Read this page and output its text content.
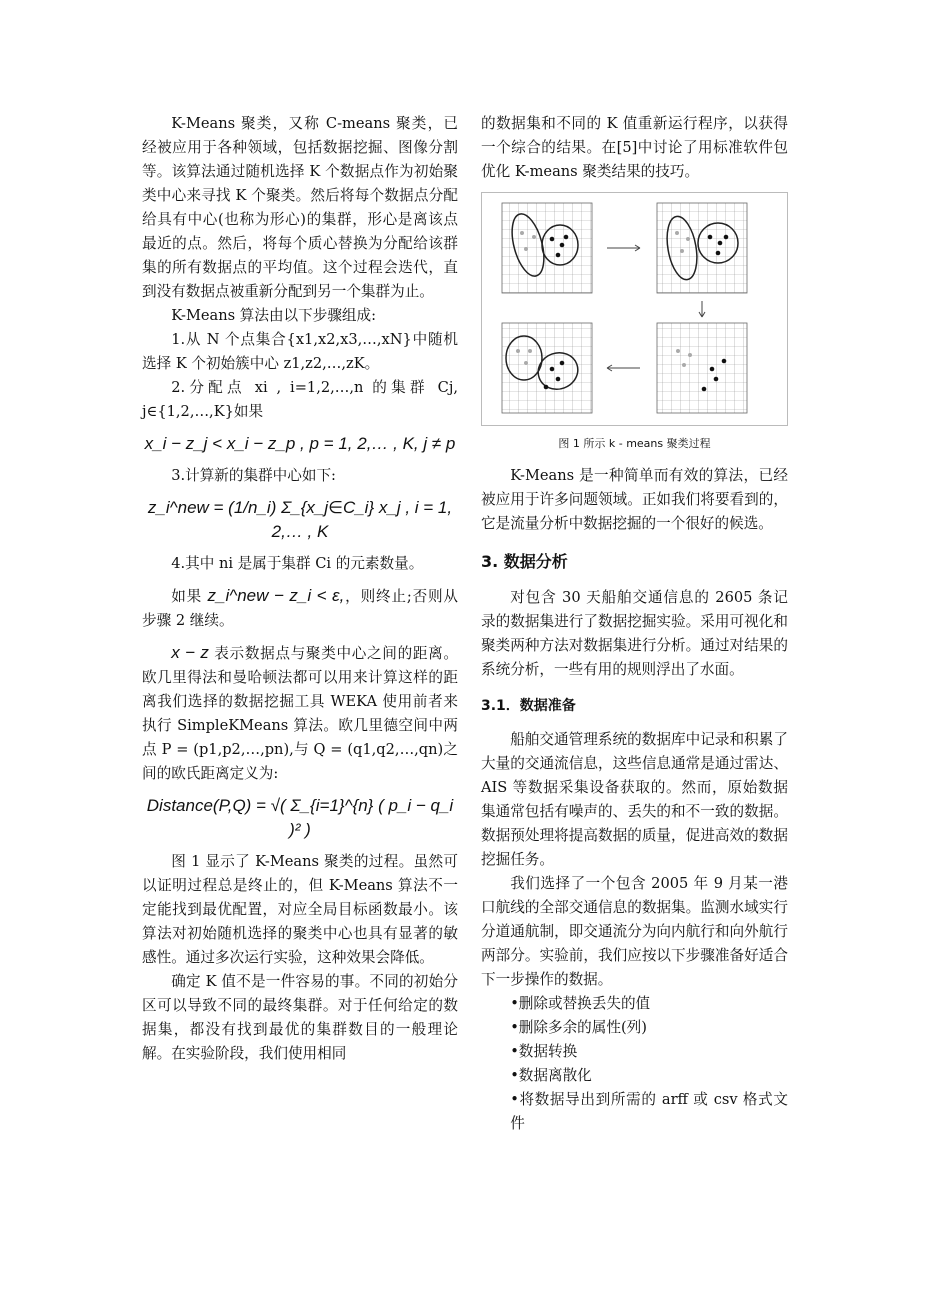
K-Means 聚类，又称 C-means 聚类，已经被应用于各种领域，包括数据挖掘、图像分割等。该算法通过随机选择 K 个数据点作为初始聚类中心来寻找 K 个聚类。然后将每个数据点分配给具有中心(也称为形心)的集群，形心是离该点最近的点。然后，将每个质心替换为分配给该群集的所有数据点的平均值。这个过程会迭代，直到没有数据点被重新分配到另一个集群为止。

K-Means 算法由以下步骤组成:

1.从 N 个点集合{x1,x2,x3,…,xN}中随机选择 K 个初始簇中心 z1,z2,…,zK。

2.分配点 xi , i=1,2,…,n 的集群 Cj, j∈{1,2,…,K}如果

x_i − z_j < x_i − z_p , p = 1, 2,… , K, j ≠ p

3.计算新的集群中心如下:

z_i^new = (1/n_i) Σ_{x_j∈C_i} x_j , i = 1, 2,… , K

4.其中 ni 是属于集群 Ci 的元素数量。

如果 z_i^new − z_i < ε,，则终止;否则从步骤 2 继续。

x − z 表示数据点与聚类中心之间的距离。欧几里得法和曼哈顿法都可以用来计算这样的距离我们选择的数据挖掘工具 WEKA 使用前者来执行 SimpleKMeans 算法。欧几里德空间中两点 P = (p1,p2,…,pn),与 Q = (q1,q2,…,qn)之间的欧氏距离定义为:

Distance(P,Q) = √( Σ_{i=1}^{n} ( p_i − q_i )² )

图 1 显示了 K-Means 聚类的过程。虽然可以证明过程总是终止的，但 K-Means 算法不一定能找到最优配置，对应全局目标函数最小。该算法对初始随机选择的聚类中心也具有显著的敏感性。通过多次运行实验，这种效果会降低。

确定 K 值不是一件容易的事。不同的初始分区可以导致不同的最终集群。对于任何给定的数据集，都没有找到最优的集群数目的一般理论解。在实验阶段，我们使用相同

的数据集和不同的 K 值重新运行程序，以获得一个综合的结果。在[5]中讨论了用标准软件包优化 K-means 聚类结果的技巧。

图 1 所示 k - means 聚类过程

K-Means 是一种简单而有效的算法，已经被应用于许多问题领域。正如我们将要看到的，它是流量分析中数据挖掘的一个很好的候选。

3. 数据分析

对包含 30 天船舶交通信息的 2605 条记录的数据集进行了数据挖掘实验。采用可视化和聚类两种方法对数据集进行分析。通过对结果的系统分析，一些有用的规则浮出了水面。

3.1．数据准备

船舶交通管理系统的数据库中记录和积累了大量的交通流信息，这些信息通常是通过雷达、AIS 等数据采集设备获取的。然而，原始数据集通常包括有噪声的、丢失的和不一致的数据。数据预处理将提高数据的质量，促进高效的数据挖掘任务。

我们选择了一个包含 2005 年 9 月某一港口航线的全部交通信息的数据集。监测水域实行分道通航制，即交通流分为向内航行和向外航行两部分。实验前，我们应按以下步骤准备好适合下一步操作的数据。

•删除或替换丢失的值

•删除多余的属性(列)

•数据转换

•数据离散化

•将数据导出到所需的 arff 或 csv 格式文件
